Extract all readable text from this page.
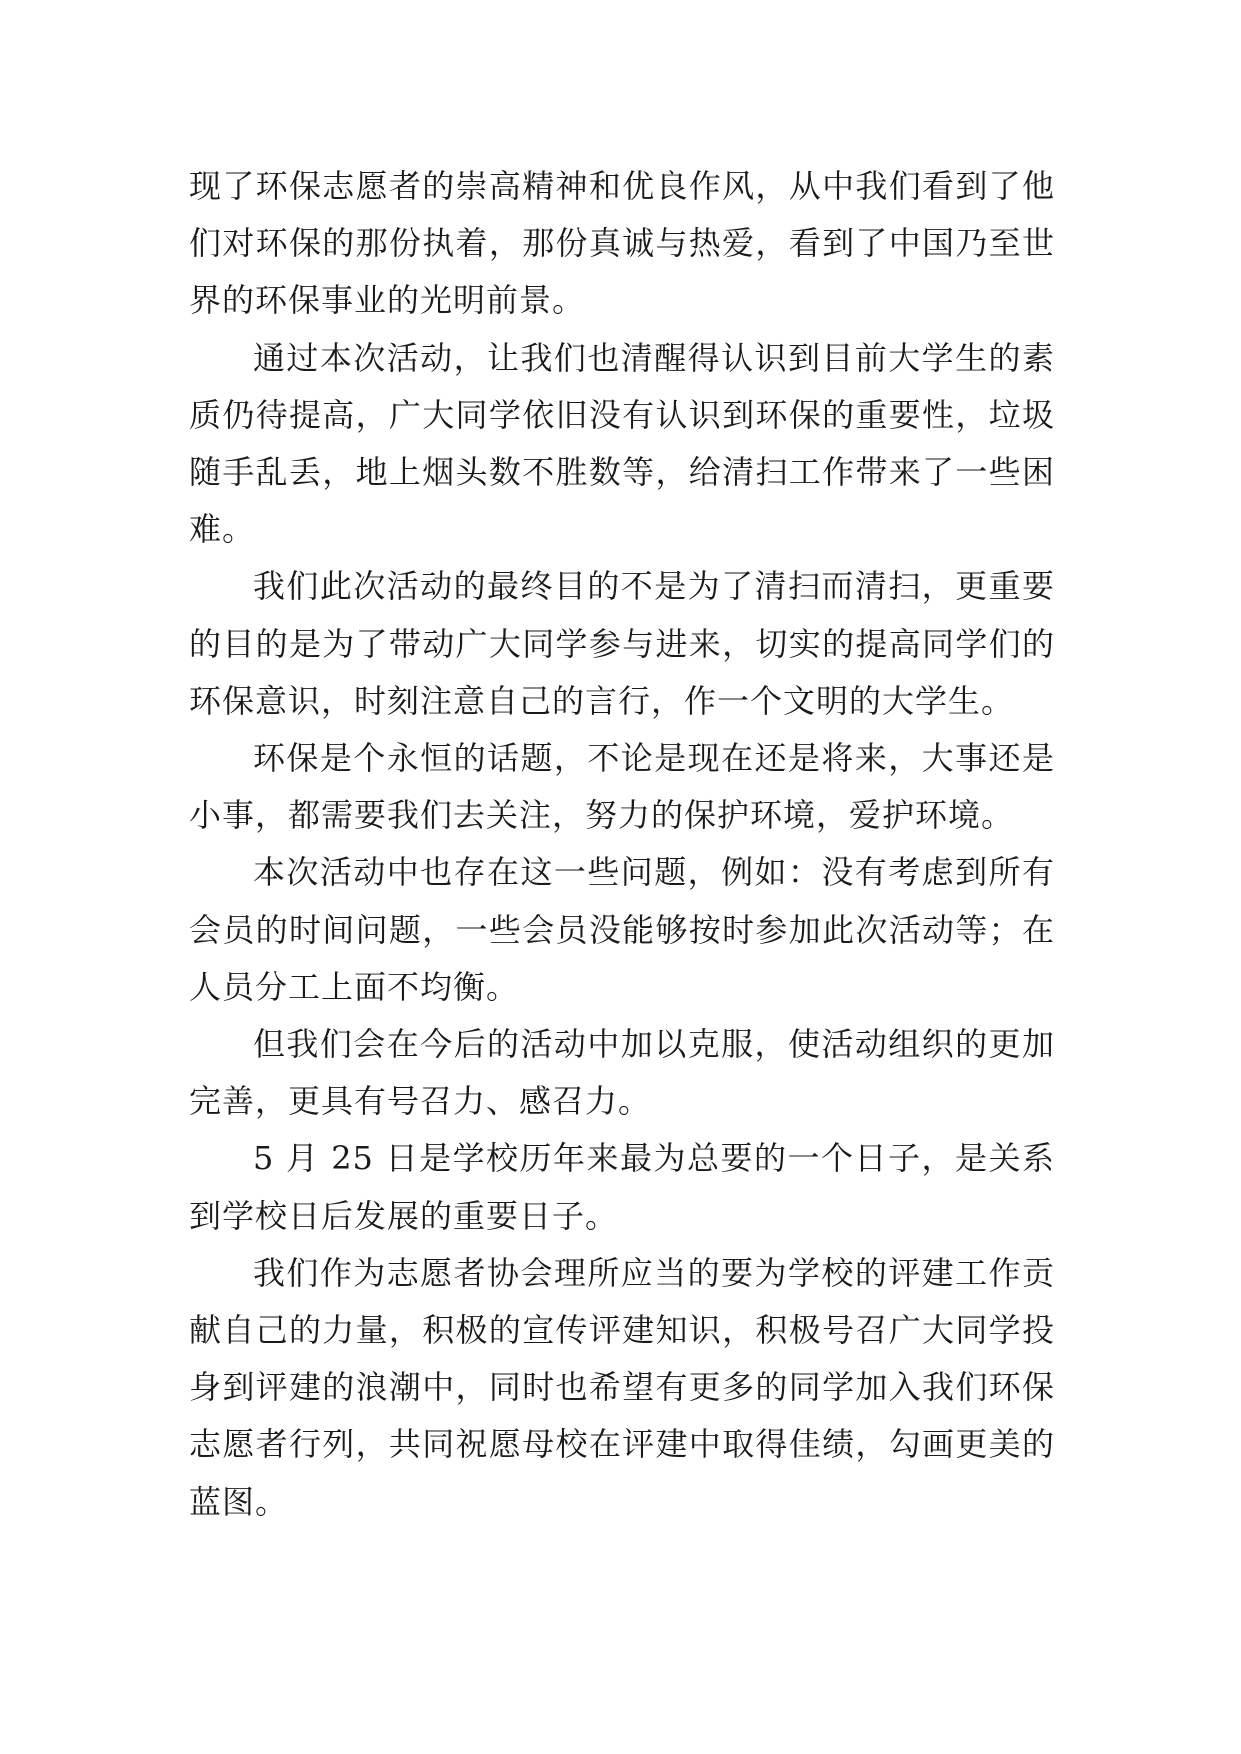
现了环保志愿者的崇高精神和优良作风，从中我们看到了他们对环保的那份执着，那份真诚与热爱，看到了中国乃至世界的环保事业的光明前景。

通过本次活动，让我们也清醒得认识到目前大学生的素质仍待提高，广大同学依旧没有认识到环保的重要性，垃圾随手乱丢，地上烟头数不胜数等，给清扫工作带来了一些困难。

我们此次活动的最终目的不是为了清扫而清扫，更重要的目的是为了带动广大同学参与进来，切实的提高同学们的环保意识，时刻注意自己的言行，作一个文明的大学生。

环保是个永恒的话题，不论是现在还是将来，大事还是小事，都需要我们去关注，努力的保护环境，爱护环境。

本次活动中也存在这一些问题，例如：没有考虑到所有会员的时间问题，一些会员没能够按时参加此次活动等；在人员分工上面不均衡。

但我们会在今后的活动中加以克服，使活动组织的更加完善，更具有号召力、感召力。

5 月 25 日是学校历年来最为总要的一个日子，是关系到学校日后发展的重要日子。

我们作为志愿者协会理所应当的要为学校的评建工作贡献自己的力量，积极的宣传评建知识，积极号召广大同学投身到评建的浪潮中，同时也希望有更多的同学加入我们环保志愿者行列，共同祝愿母校在评建中取得佳绩，勾画更美的蓝图。
